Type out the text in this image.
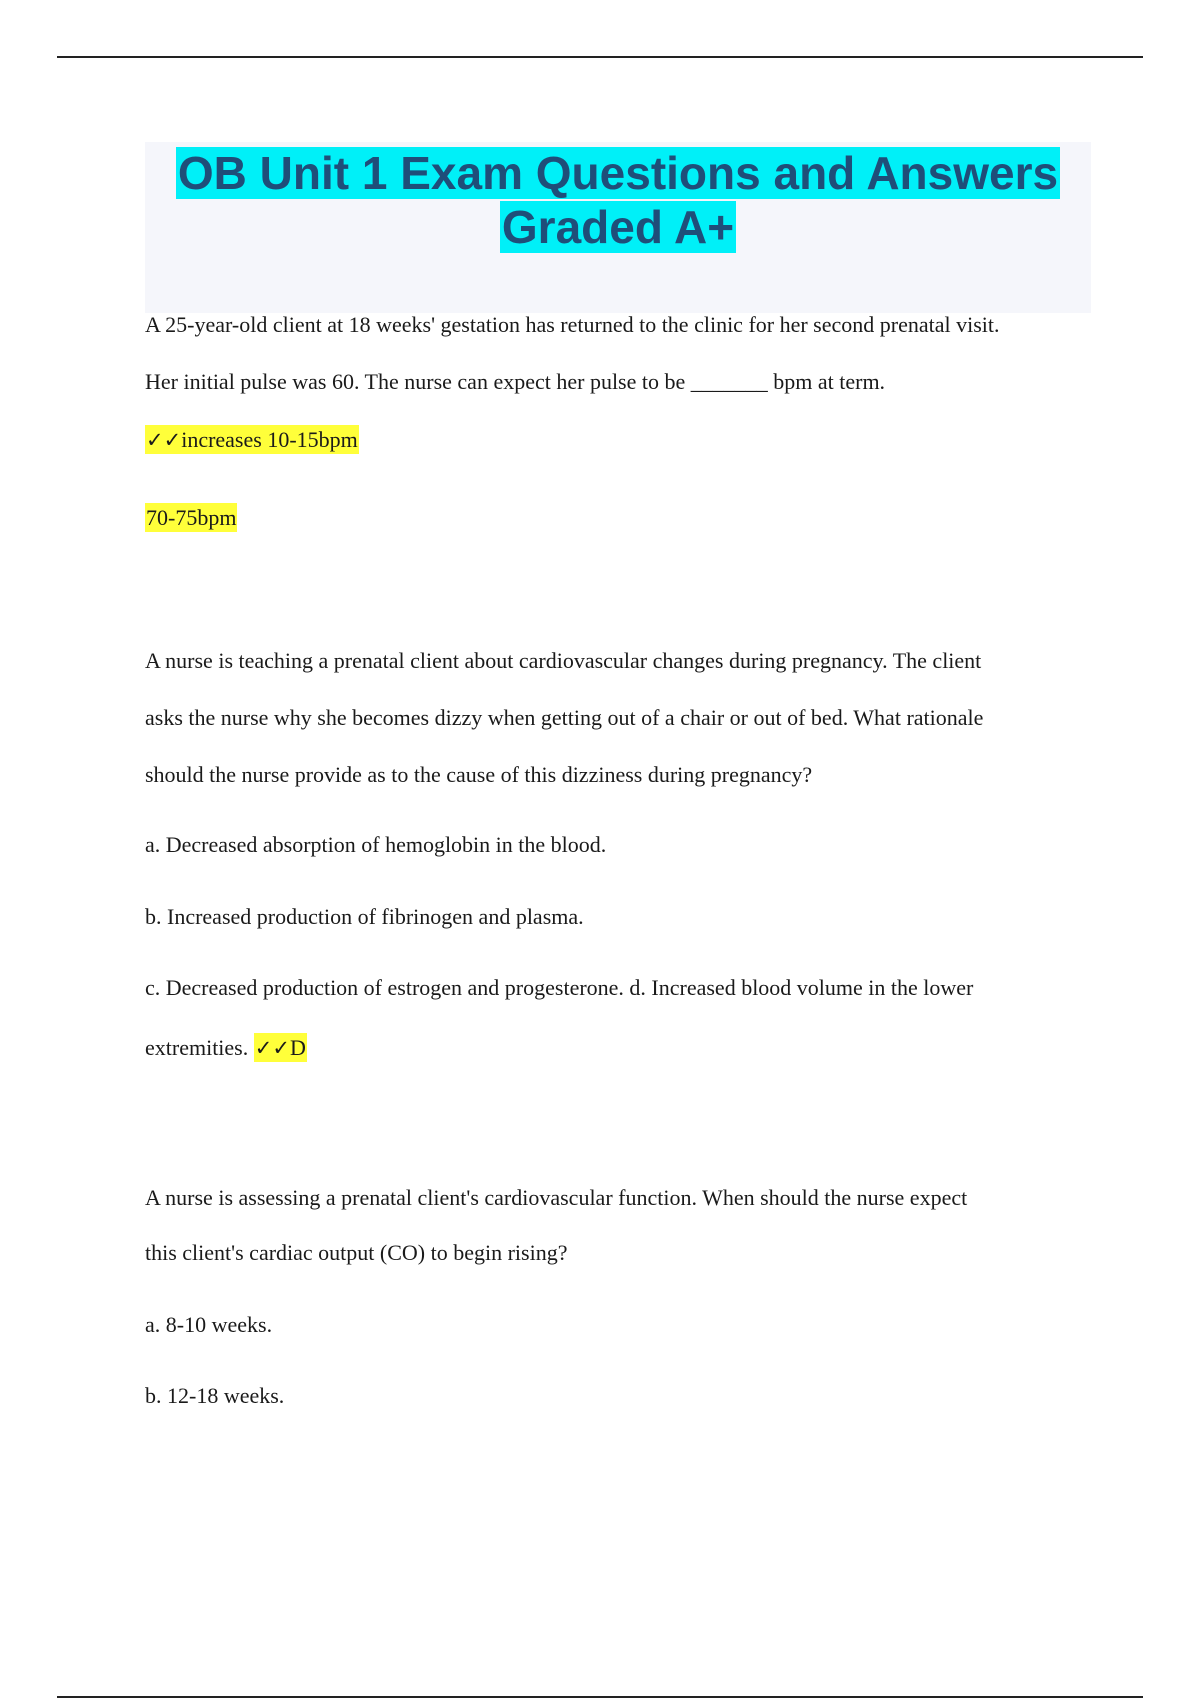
OB Unit 1 Exam Questions and Answers
Graded A+

A 25-year-old client at 18 weeks' gestation has returned to the clinic for her second prenatal visit.

Her initial pulse was 60. The nurse can expect her pulse to be _______ bpm at term.

✓✓increases 10-15bpm

70-75bpm

A nurse is teaching a prenatal client about cardiovascular changes during pregnancy. The client

asks the nurse why she becomes dizzy when getting out of a chair or out of bed. What rationale

should the nurse provide as to the cause of this dizziness during pregnancy?

a. Decreased absorption of hemoglobin in the blood.

b. Increased production of fibrinogen and plasma.

c. Decreased production of estrogen and progesterone. d. Increased blood volume in the lower

extremities. ✓✓D

A nurse is assessing a prenatal client's cardiovascular function. When should the nurse expect

this client's cardiac output (CO) to begin rising?

a. 8-10 weeks.

b. 12-18 weeks.
